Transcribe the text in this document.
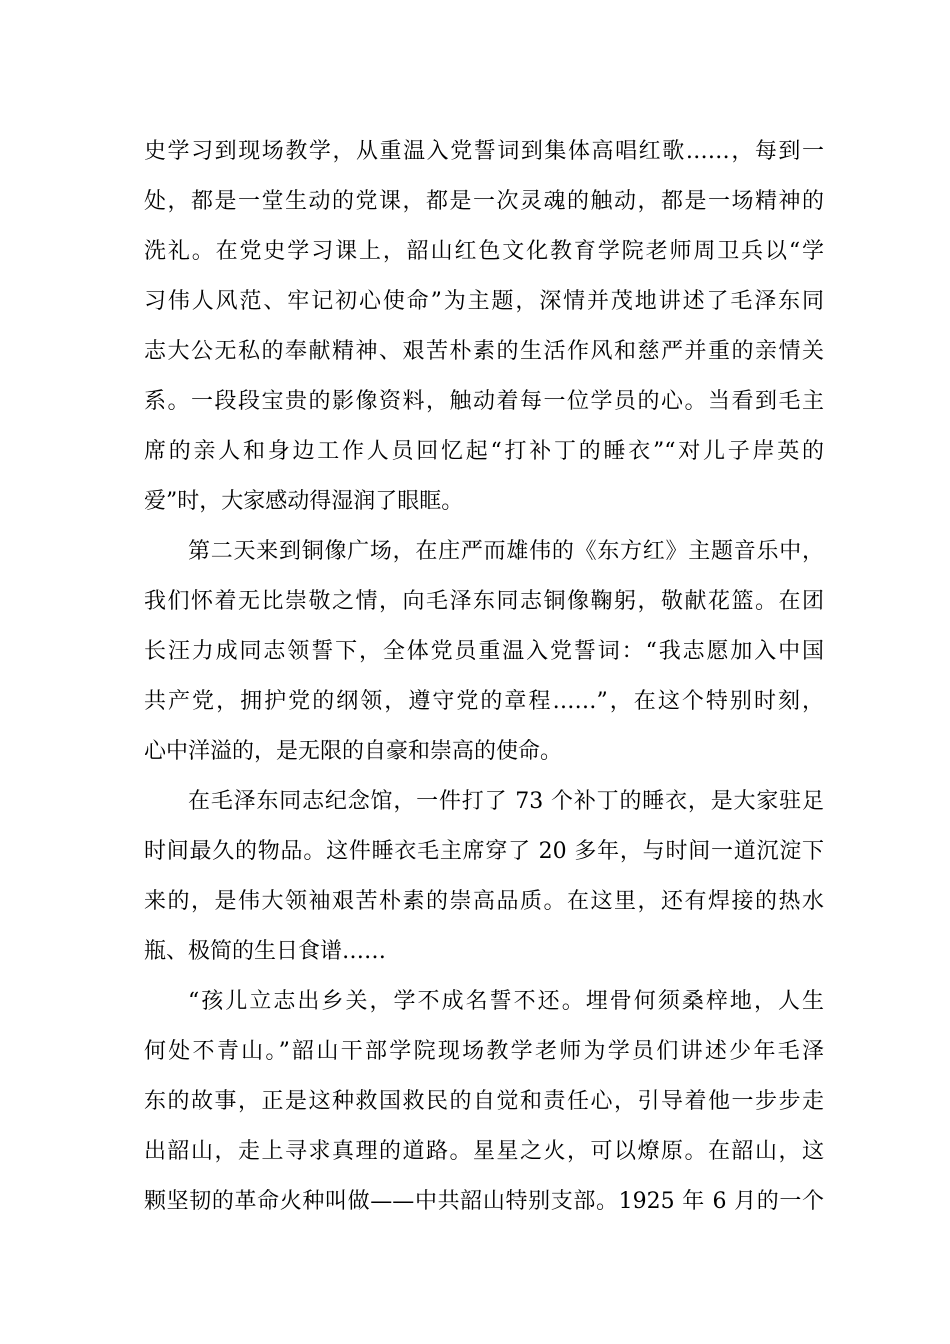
史学习到现场教学，从重温入党誓词到集体高唱红歌……，每到一
处，都是一堂生动的党课，都是一次灵魂的触动，都是一场精神的
洗礼。在党史学习课上，韶山红色文化教育学院老师周卫兵以“学
习伟人风范、牢记初心使命”为主题，深情并茂地讲述了毛泽东同
志大公无私的奉献精神、艰苦朴素的生活作风和慈严并重的亲情关
系。一段段宝贵的影像资料，触动着每一位学员的心。当看到毛主
席的亲人和身边工作人员回忆起“打补丁的睡衣”“对儿子岸英的
爱”时，大家感动得湿润了眼眶。
第二天来到铜像广场，在庄严而雄伟的《东方红》主题音乐中，
我们怀着无比崇敬之情，向毛泽东同志铜像鞠躬，敬献花篮。在团
长汪力成同志领誓下，全体党员重温入党誓词：“我志愿加入中国
共产党，拥护党的纲领，遵守党的章程……”，在这个特别时刻，
心中洋溢的，是无限的自豪和崇高的使命。
在毛泽东同志纪念馆，一件打了 73 个补丁的睡衣，是大家驻足
时间最久的物品。这件睡衣毛主席穿了 20 多年，与时间一道沉淀下
来的，是伟大领袖艰苦朴素的崇高品质。在这里，还有焊接的热水
瓶、极简的生日食谱……
“孩儿立志出乡关，学不成名誓不还。埋骨何须桑梓地，人生
何处不青山。”韶山干部学院现场教学老师为学员们讲述少年毛泽
东的故事，正是这种救国救民的自觉和责任心，引导着他一步步走
出韶山，走上寻求真理的道路。星星之火，可以燎原。在韶山，这
颗坚韧的革命火种叫做——中共韶山特别支部。1925 年 6 月的一个
